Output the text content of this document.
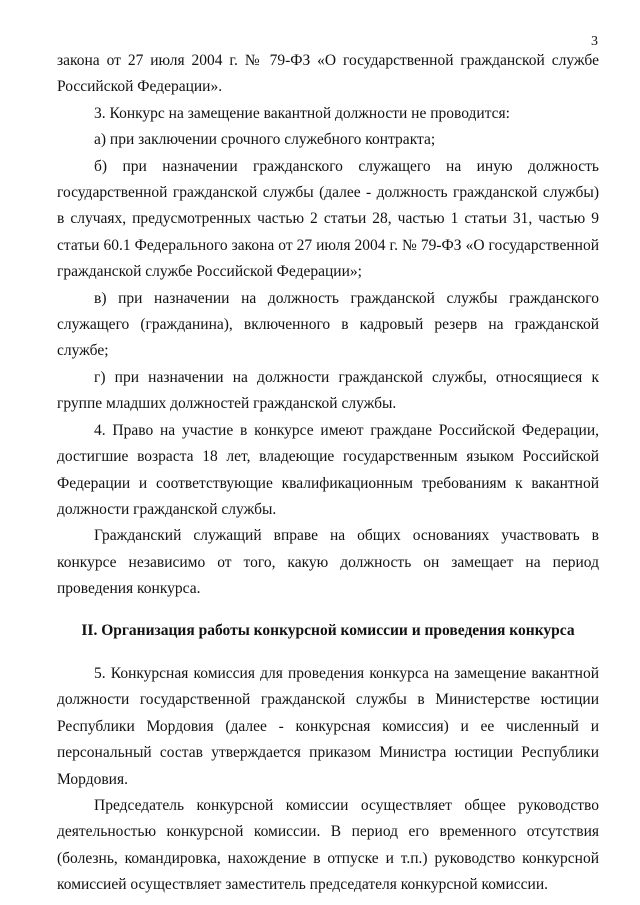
3

закона от 27 июля 2004 г. № 79-ФЗ «О государственной гражданской службе Российской Федерации».

3. Конкурс на замещение вакантной должности не проводится:

а) при заключении срочного служебного контракта;

б) при назначении гражданского служащего на иную должность государственной гражданской службы (далее - должность гражданской службы) в случаях, предусмотренных частью 2 статьи 28, частью 1 статьи 31, частью 9 статьи 60.1 Федерального закона от 27 июля 2004 г. № 79-ФЗ «О государственной гражданской службе Российской Федерации»;

в) при назначении на должность гражданской службы гражданского служащего (гражданина), включенного в кадровый резерв на гражданской службе;

г) при назначении на должности гражданской службы, относящиеся к группе младших должностей гражданской службы.

4. Право на участие в конкурсе имеют граждане Российской Федерации, достигшие возраста 18 лет, владеющие государственным языком Российской Федерации и соответствующие квалификационным требованиям к вакантной должности гражданской службы.

Гражданский служащий вправе на общих основаниях участвовать в конкурсе независимо от того, какую должность он замещает на период проведения конкурса.

II. Организация работы конкурсной комиссии и проведения конкурса

5. Конкурсная комиссия для проведения конкурса на замещение вакантной должности государственной гражданской службы в Министерстве юстиции Республики Мордовия (далее - конкурсная комиссия) и ее численный и персональный состав утверждается приказом Министра юстиции Республики Мордовия.

Председатель конкурсной комиссии осуществляет общее руководство деятельностью конкурсной комиссии. В период его временного отсутствия (болезнь, командировка, нахождение в отпуске и т.п.) руководство конкурсной комиссией осуществляет заместитель председателя конкурсной комиссии.
